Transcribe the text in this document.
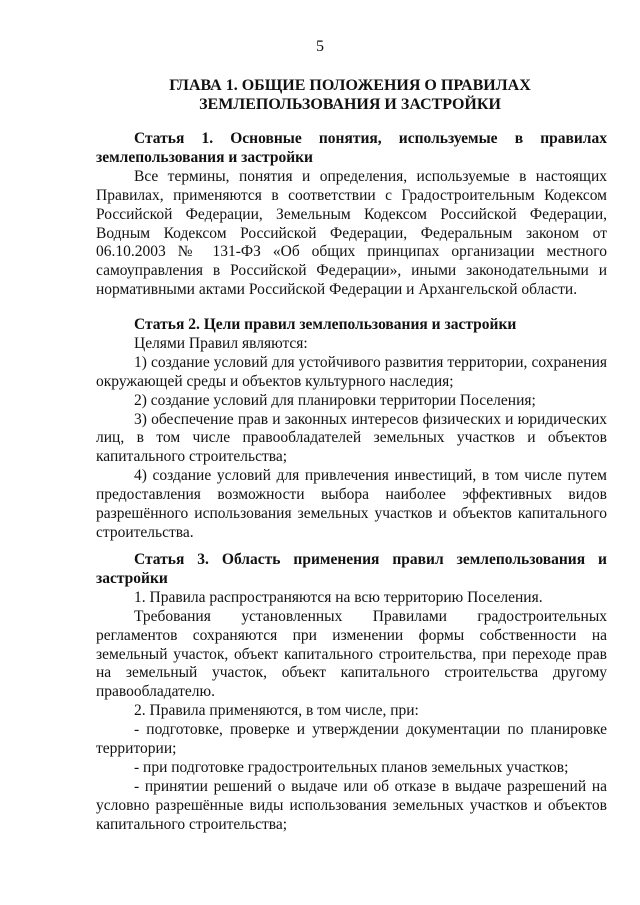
5
ГЛАВА 1. ОБЩИЕ ПОЛОЖЕНИЯ О ПРАВИЛАХ ЗЕМЛЕПОЛЬЗОВАНИЯ И ЗАСТРОЙКИ

Статья 1. Основные понятия, используемые в правилах землепользования и застройки

Все термины, понятия и определения, используемые в настоящих Правилах, применяются в соответствии с Градостроительным Кодексом Российской Федерации, Земельным Кодексом Российской Федерации, Водным Кодексом Российской Федерации, Федеральным законом от 06.10.2003 № 131-ФЗ «Об общих принципах организации местного самоуправления в Российской Федерации», иными законодательными и нормативными актами Российской Федерации и Архангельской области.

Статья 2. Цели правил землепользования и застройки

Целями Правил являются:

1) создание условий для устойчивого развития территории, сохранения окружающей среды и объектов культурного наследия;

2) создание условий для планировки территории Поселения;

3) обеспечение прав и законных интересов физических и юридических лиц, в том числе правообладателей земельных участков и объектов капитального строительства;

4) создание условий для привлечения инвестиций, в том числе путем предоставления возможности выбора наиболее эффективных видов разрешённого использования земельных участков и объектов капитального строительства.

Статья 3. Область применения правил землепользования и застройки

1. Правила распространяются на всю территорию Поселения.

Требования установленных Правилами градостроительных регламентов сохраняются при изменении формы собственности на земельный участок, объект капитального строительства, при переходе прав на земельный участок, объект капитального строительства другому правообладателю.

2. Правила применяются, в том числе, при:

- подготовке, проверке и утверждении документации по планировке территории;

- при подготовке градостроительных планов земельных участков;

- принятии решений о выдаче или об отказе в выдаче разрешений на условно разрешённые виды использования земельных участков и объектов капитального строительства;
